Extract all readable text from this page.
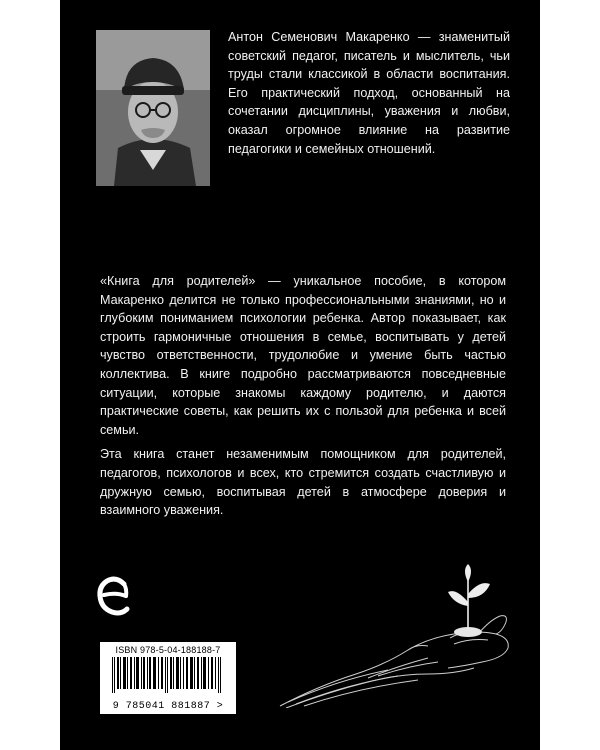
Антон Семенович Макаренко — знаменитый советский педагог, писатель и мыслитель, чьи труды стали классикой в области воспитания. Его практический подход, основанный на сочетании дисциплины, уважения и любви, оказал огромное влияние на развитие педагогики и семейных отношений.

«Книга для родителей» — уникальное пособие, в котором Макаренко делится не только профессиональными знаниями, но и глубоким пониманием психологии ребенка. Автор показывает, как строить гармоничные отношения в семье, воспитывать у детей чувство ответственности, трудолюбие и умение быть частью коллектива. В книге подробно рассматриваются повседневные ситуации, которые знакомы каждому родителю, и даются практические советы, как решить их с пользой для ребенка и всей семьи.

Эта книга станет незаменимым помощником для родителей, педагогов, психологов и всех, кто стремится создать счастливую и дружную семью, воспитывая детей в атмосфере доверия и взаимного уважения.

ISBN 978-5-04-188188-7
9 785041 881887 >
